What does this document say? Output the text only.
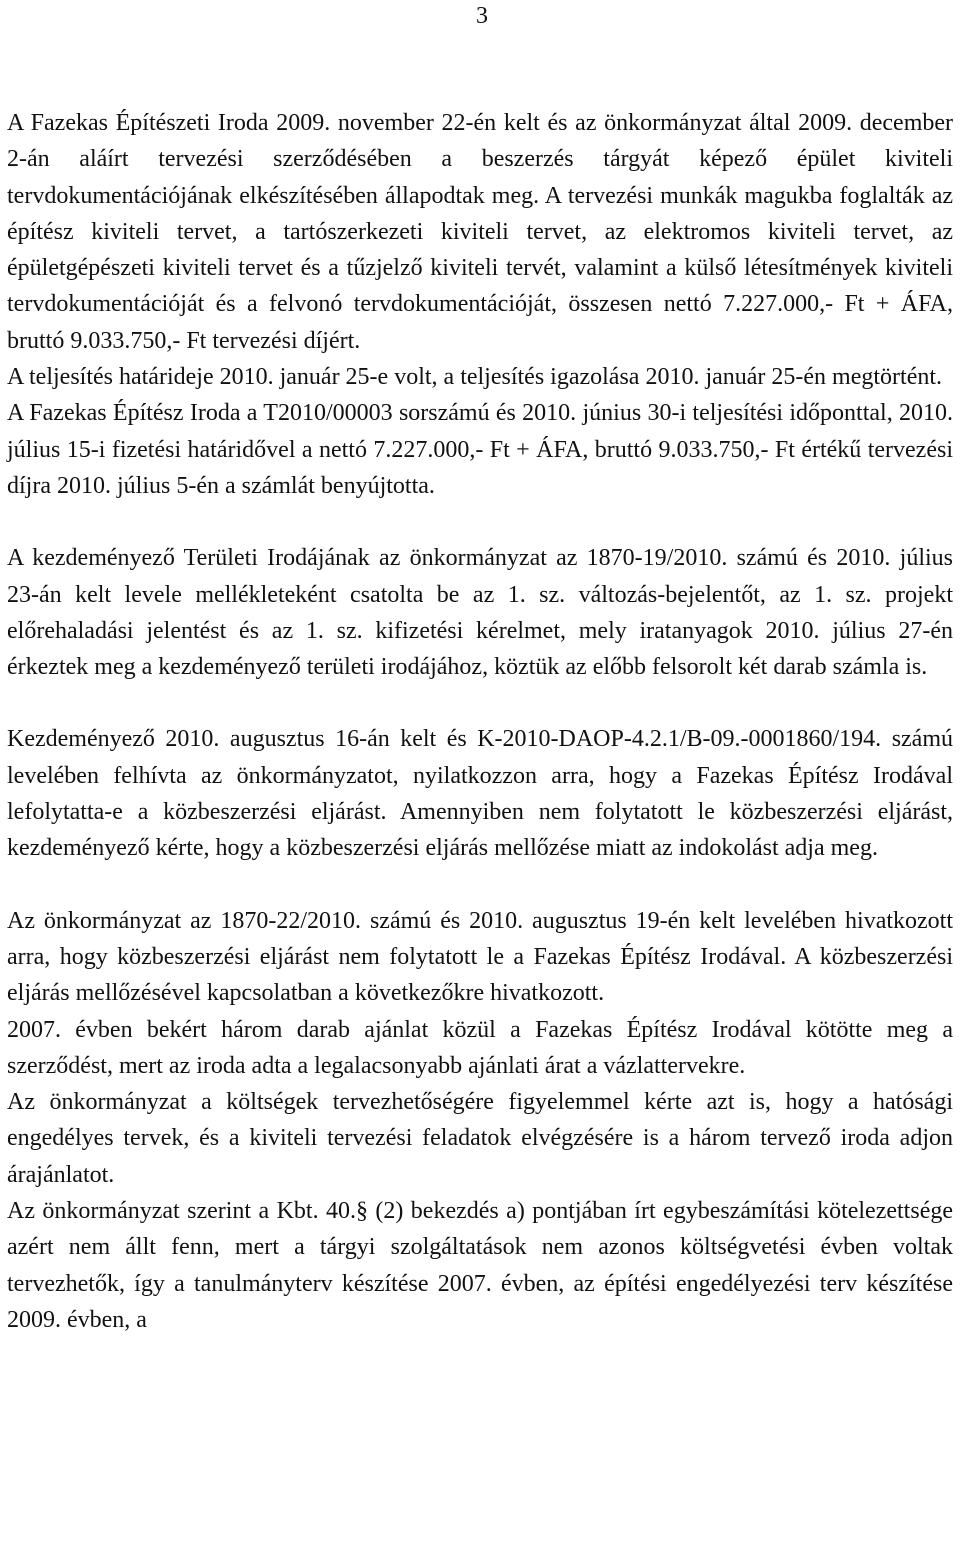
3

A Fazekas Építészeti Iroda 2009. november 22-én kelt és az önkormányzat által 2009. december 2-án aláírt tervezési szerződésében a beszerzés tárgyát képező épület kiviteli tervdokumentációjának elkészítésében állapodtak meg. A tervezési munkák magukba foglalták az építész kiviteli tervet, a tartószerkezeti kiviteli tervet, az elektromos kiviteli tervet, az épületgépészeti kiviteli tervet és a tűzjelző kiviteli tervét, valamint a külső létesítmények kiviteli tervdokumentációját és a felvonó tervdokumentációját, összesen nettó 7.227.000,- Ft + ÁFA, bruttó 9.033.750,- Ft tervezési díjért.

A teljesítés határideje 2010. január 25-e volt, a teljesítés igazolása 2010. január 25-én megtörtént.

A Fazekas Építész Iroda a T2010/00003 sorszámú és 2010. június 30-i teljesítési időponttal, 2010. július 15-i fizetési határidővel a nettó 7.227.000,- Ft + ÁFA, bruttó 9.033.750,- Ft értékű tervezési díjra 2010. július 5-én a számlát benyújtotta.

A kezdeményező Területi Irodájának az önkormányzat az 1870-19/2010. számú és 2010. július 23-án kelt levele mellékleteként csatolta be az 1. sz. változás-bejelentőt, az 1. sz. projekt előrehaladási jelentést és az 1. sz. kifizetési kérelmet, mely iratanyagok 2010. július 27-én érkeztek meg a kezdeményező területi irodájához, köztük az előbb felsorolt két darab számla is.

Kezdeményező 2010. augusztus 16-án kelt és K-2010-DAOP-4.2.1/B-09.-0001860/194. számú levelében felhívta az önkormányzatot, nyilatkozzon arra, hogy a Fazekas Építész Irodával lefolytatta-e a közbeszerzési eljárást. Amennyiben nem folytatott le közbeszerzési eljárást, kezdeményező kérte, hogy a közbeszerzési eljárás mellőzése miatt az indokolást adja meg.

Az önkormányzat az 1870-22/2010. számú és 2010. augusztus 19-én kelt levelében hivatkozott arra, hogy közbeszerzési eljárást nem folytatott le a Fazekas Építész Irodával. A közbeszerzési eljárás mellőzésével kapcsolatban a következőkre hivatkozott.

2007. évben bekért három darab ajánlat közül a Fazekas Építész Irodával kötötte meg a szerződést, mert az iroda adta a legalacsonyabb ajánlati árat a vázlattervekre.

Az önkormányzat a költségek tervezhetőségére figyelemmel kérte azt is, hogy a hatósági engedélyes tervek, és a kiviteli tervezési feladatok elvégzésére is a három tervező iroda adjon árajánlatot.

Az önkormányzat szerint a Kbt. 40.§ (2) bekezdés a) pontjában írt egybeszámítási kötelezettsége azért nem állt fenn, mert a tárgyi szolgáltatások nem azonos költségvetési évben voltak tervezhetők, így a tanulmányterv készítése 2007. évben, az építési engedélyezési terv készítése 2009. évben, a
